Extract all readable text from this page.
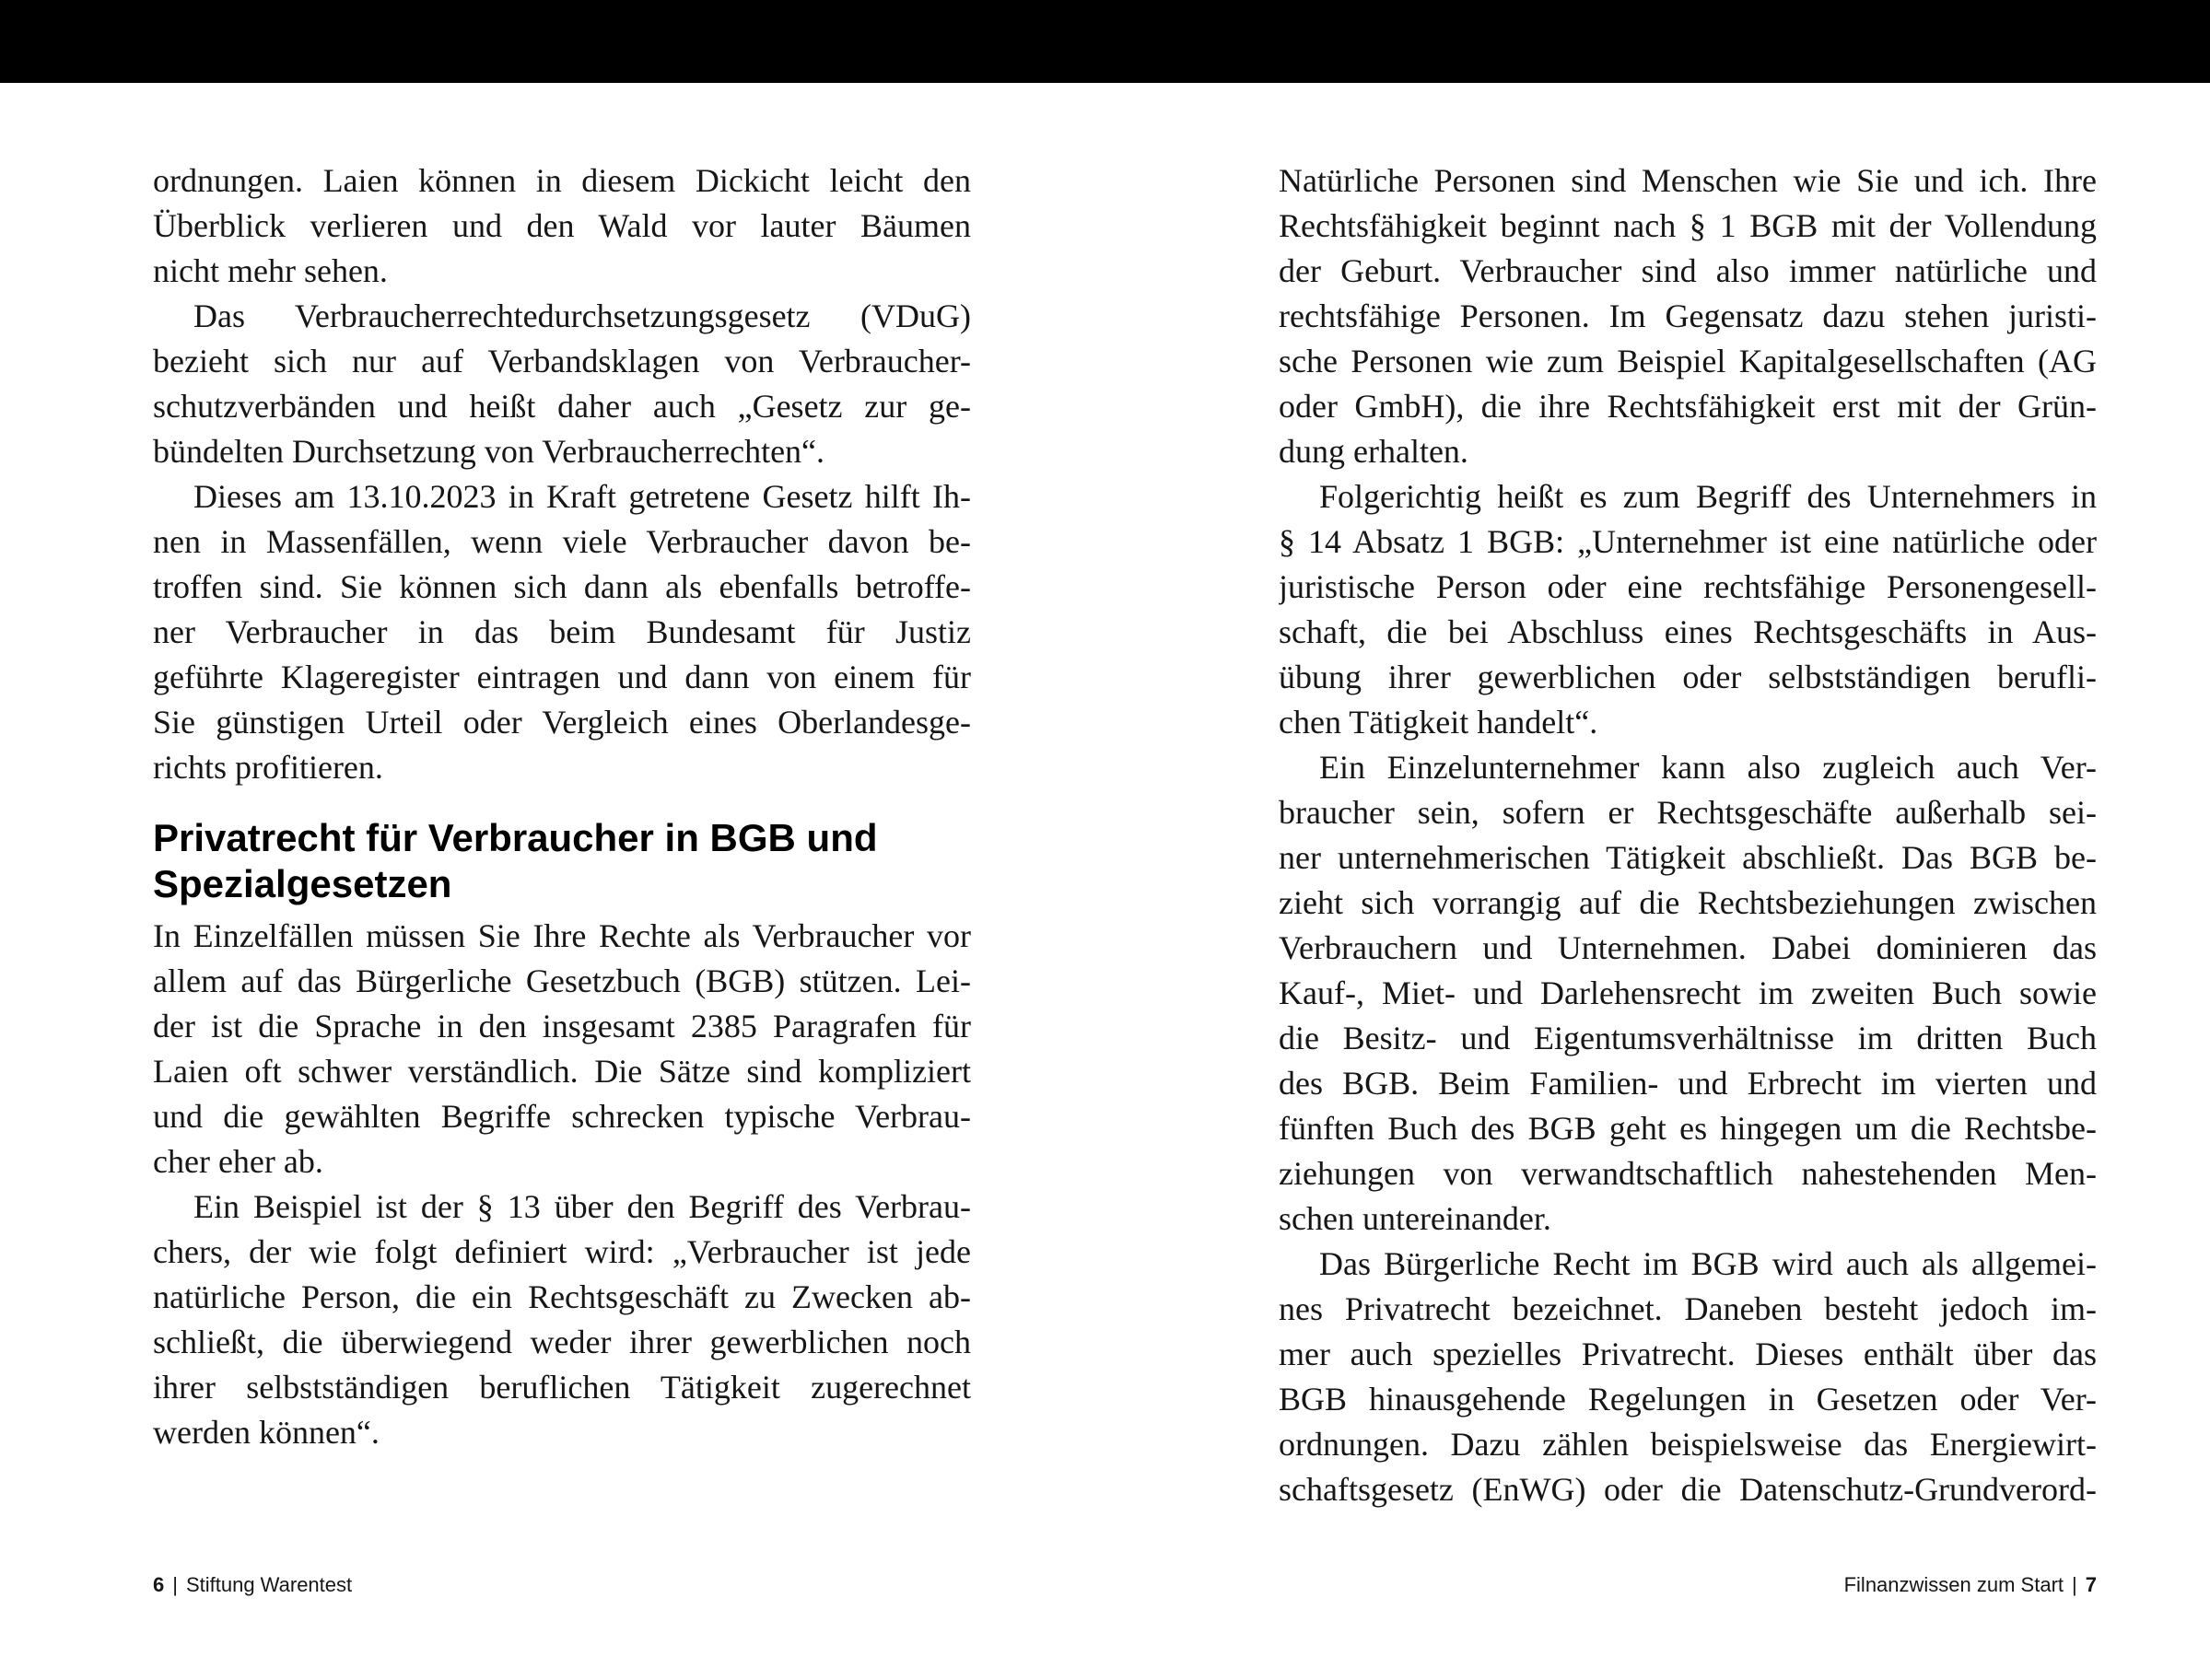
ordnungen. Laien können in diesem Dickicht leicht den
Überblick verlieren und den Wald vor lauter Bäumen
nicht mehr sehen.
Das Verbraucherrechtedurchsetzungsgesetz (VDuG)
bezieht sich nur auf Verbandsklagen von Verbraucher-
schutzverbänden und heißt daher auch „Gesetz zur ge-
bündelten Durchsetzung von Verbraucherrechten“.
Dieses am 13.10.2023 in Kraft getretene Gesetz hilft Ih-
nen in Massenfällen, wenn viele Verbraucher davon be-
troffen sind. Sie können sich dann als ebenfalls betroffe-
ner Verbraucher in das beim Bundesamt für Justiz
geführte Klageregister eintragen und dann von einem für
Sie günstigen Urteil oder Vergleich eines Oberlandesge-
richts profitieren.
Privatrecht für Verbraucher in BGB und
Spezialgesetzen
In Einzelfällen müssen Sie Ihre Rechte als Verbraucher vor
allem auf das Bürgerliche Gesetzbuch (BGB) stützen. Lei-
der ist die Sprache in den insgesamt 2385 Paragrafen für
Laien oft schwer verständlich. Die Sätze sind kompliziert
und die gewählten Begriffe schrecken typische Verbrau-
cher eher ab.
Ein Beispiel ist der § 13 über den Begriff des Verbrau-
chers, der wie folgt definiert wird: „Verbraucher ist jede
natürliche Person, die ein Rechtsgeschäft zu Zwecken ab-
schließt, die überwiegend weder ihrer gewerblichen noch
ihrer selbstständigen beruflichen Tätigkeit zugerechnet
werden können“.
Natürliche Personen sind Menschen wie Sie und ich. Ihre
Rechtsfähigkeit beginnt nach § 1 BGB mit der Vollendung
der Geburt. Verbraucher sind also immer natürliche und
rechtsfähige Personen. Im Gegensatz dazu stehen juristi-
sche Personen wie zum Beispiel Kapitalgesellschaften (AG
oder GmbH), die ihre Rechtsfähigkeit erst mit der Grün-
dung erhalten.
Folgerichtig heißt es zum Begriff des Unternehmers in
§ 14 Absatz 1 BGB: „Unternehmer ist eine natürliche oder
juristische Person oder eine rechtsfähige Personengesell-
schaft, die bei Abschluss eines Rechtsgeschäfts in Aus-
übung ihrer gewerblichen oder selbstständigen berufli-
chen Tätigkeit handelt“.
Ein Einzelunternehmer kann also zugleich auch Ver-
braucher sein, sofern er Rechtsgeschäfte außerhalb sei-
ner unternehmerischen Tätigkeit abschließt. Das BGB be-
zieht sich vorrangig auf die Rechtsbeziehungen zwischen
Verbrauchern und Unternehmen. Dabei dominieren das
Kauf-, Miet- und Darlehensrecht im zweiten Buch sowie
die Besitz- und Eigentumsverhältnisse im dritten Buch
des BGB. Beim Familien- und Erbrecht im vierten und
fünften Buch des BGB geht es hingegen um die Rechtsbe-
ziehungen von verwandtschaftlich nahestehenden Men-
schen untereinander.
Das Bürgerliche Recht im BGB wird auch als allgemei-
nes Privatrecht bezeichnet. Daneben besteht jedoch im-
mer auch spezielles Privatrecht. Dieses enthält über das
BGB hinausgehende Regelungen in Gesetzen oder Ver-
ordnungen. Dazu zählen beispielsweise das Energiewirt-
schaftsgesetz (EnWG) oder die Datenschutz-Grundverord-
6 | Stiftung Warentest	Filnanzwissen zum Start | 7
